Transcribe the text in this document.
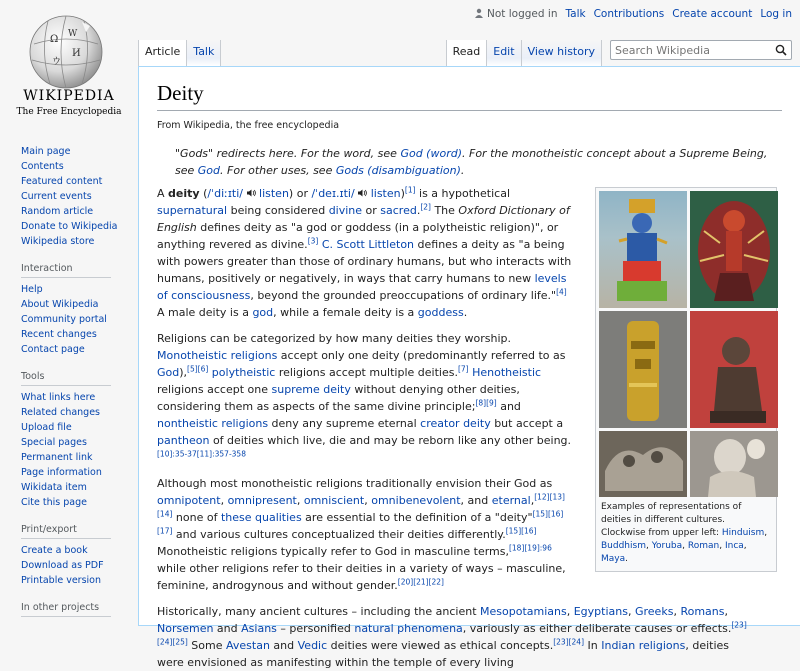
Ω W
И
ウ
WIKIPEDIA
The Free Encyclopedia
Not logged in Talk Contributions Create account Log in
Article	Talk	Read	Edit	View history
Search Wikipedia
Main page
Contents
Featured content
Current events
Random article
Donate to Wikipedia
Wikipedia store
Interaction
Help
About Wikipedia
Community portal
Recent changes
Contact page
Tools
What links here
Related changes
Upload file
Special pages
Permanent link
Page information
Wikidata item
Cite this page
Print/export
Create a book
Download as PDF
Printable version
In other projects
Deity
From Wikipedia, the free encyclopedia
"Gods" redirects here. For the word, see God (word). For the monotheistic concept about a Supreme Being, see God. For other uses, see Gods (disambiguation).

A deity (/ˈdiːɪti/ listen) or /ˈdeɪ.ɪti/ listen)[1] is a hypothetical supernatural being considered divine or sacred.[2] The Oxford Dictionary of English defines deity as "a god or goddess (in a polytheistic religion)", or anything revered as divine.[3] C. Scott Littleton defines a deity as "a being with powers greater than those of ordinary humans, but who interacts with humans, positively or negatively, in ways that carry humans to new levels of consciousness, beyond the grounded preoccupations of ordinary life."[4] A male deity is a god, while a female deity is a goddess.

Religions can be categorized by how many deities they worship. Monotheistic religions accept only one deity (predominantly referred to as God),[5][6] polytheistic religions accept multiple deities.[7] Henotheistic religions accept one supreme deity without denying other deities, considering them as aspects of the same divine principle;[8][9] and nontheistic religions deny any supreme eternal creator deity but accept a pantheon of deities which live, die and may be reborn like any other being.$^{[10]:35-37[11]:357-358}$

Although most monotheistic religions traditionally envision their God as omnipotent, omnipresent, omniscient, omnibenevolent, and eternal,[12][13][14] none of these qualities are essential to the definition of a "deity"[15][16][17] and various cultures conceptualized their deities differently.[15][16] Monotheistic religions typically refer to God in masculine terms,$^{[18][19]:96}$ while other religions refer to their deities in a variety of ways – masculine, feminine, androgynous and without gender.[20][21][22]

Historically, many ancient cultures – including the ancient Mesopotamians, Egyptians, Greeks, Romans, Norsemen and Asians – personified natural phenomena, variously as either deliberate causes or effects.[23][24][25] Some Avestan and Vedic deities were viewed as ethical concepts.[23][24] In Indian religions, deities were envisioned as manifesting within the temple of every living

Examples of representations of deities in different cultures. Clockwise from upper left: Hinduism, Buddhism, Yoruba, Roman, Inca, Maya.
